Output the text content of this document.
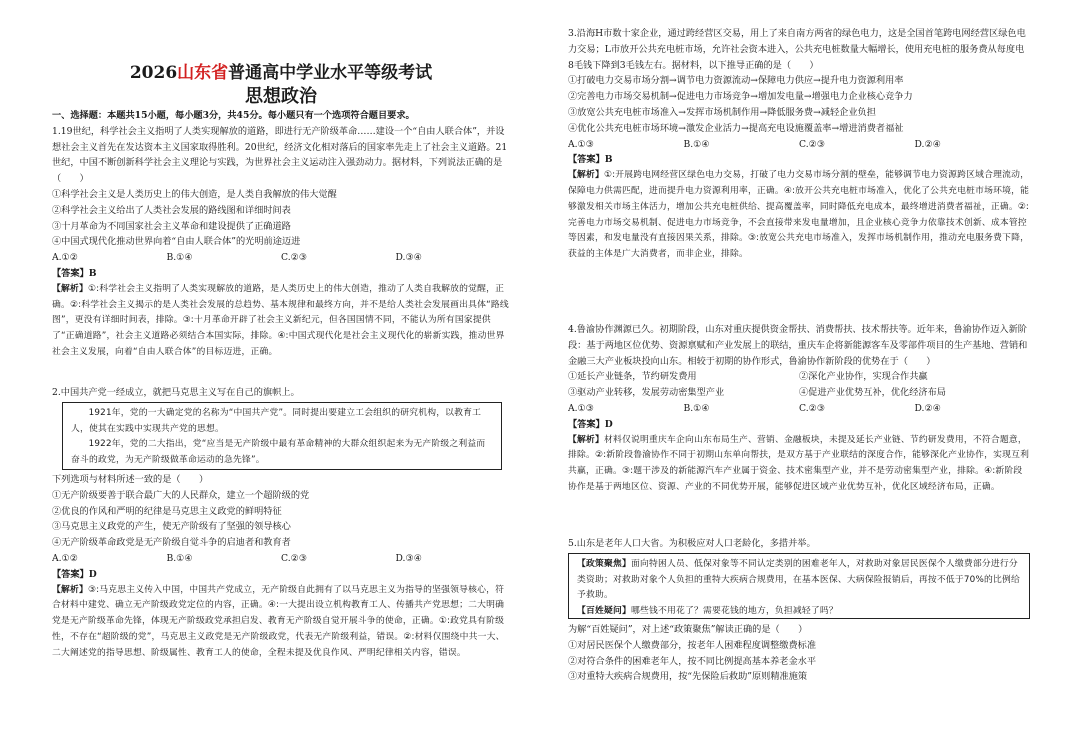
2026山东省普通高中学业水平等级考试
思想政治

一、选择题：本题共15小题，每小题3分，共45分。每小题只有一个选项符合题目要求。

1.19世纪，科学社会主义指明了人类实现解放的道路，即进行无产阶级革命……建设一个“自由人联合体”，并设想社会主义首先在发达资本主义国家取得胜利。20世纪，经济文化相对落后的国家率先走上了社会主义道路。21世纪，中国不断创新科学社会主义理论与实践，为世界社会主义运动注入强劲动力。据材料，下列说法正确的是（　　）

①科学社会主义是人类历史上的伟大创造，是人类自我解放的伟大觉醒

②科学社会主义给出了人类社会发展的路线图和详细时间表

③十月革命为不同国家社会主义革命和建设提供了正确道路

④中国式现代化推动世界向着“自由人联合体”的光明前途迈进

A.①②	B.①④	C.②③	D.③④

【答案】B

【解析】①:科学社会主义指明了人类实现解放的道路，是人类历史上的伟大创造，推动了人类自我解放的觉醒，正确。②:科学社会主义揭示的是人类社会发展的总趋势、基本规律和最终方向，并不是给人类社会发展画出具体“路线图”，更没有详细时间表，排除。③:十月革命开辟了社会主义新纪元，但各国国情不同，不能认为所有国家提供了“正确道路”，社会主义道路必须结合本国实际，排除。④:中国式现代化是社会主义现代化的崭新实践，推动世界社会主义发展，向着“自由人联合体”的目标迈进，正确。

2.中国共产党一经成立，就把马克思主义写在自己的旗帜上。

1921年，党的一大确定党的名称为“中国共产党”。同时提出要建立工会组织的研究机构，以教育工人，使其在实践中实现共产党的思想。

1922年，党的二大指出，党“应当是无产阶级中最有革命精神的大群众组织起来为无产阶级之利益而奋斗的政党，为无产阶级做革命运动的急先锋”。

下列选项与材料所述一致的是（　　）

①无产阶级要善于联合最广大的人民群众，建立一个超阶级的党

②优良的作风和严明的纪律是马克思主义政党的鲜明特征

③马克思主义政党的产生，使无产阶级有了坚强的领导核心

④无产阶级革命政党是无产阶级自觉斗争的启迪者和教育者

A.①②	B.①④	C.②③	D.③④

【答案】D

【解析】③:马克思主义传入中国，中国共产党成立，无产阶级自此拥有了以马克思主义为指导的坚强领导核心，符合材料中建党、确立无产阶级政党定位的内容，正确。④:一大提出设立机构教育工人、传播共产党思想；二大明确党是无产阶级革命先锋，体现无产阶级政党承担启发、教育无产阶级自觉开展斗争的使命，正确。①:政党具有阶级性，不存在“超阶级的党”，马克思主义政党是无产阶级政党，代表无产阶级利益，错误。②:材料仅围绕中共一大、二大阐述党的指导思想、阶级属性、教育工人的使命，全程未提及优良作风、严明纪律相关内容，错误。

3.沿海H市数十家企业，通过跨经营区交易，用上了来自南方两省的绿色电力，这是全国首笔跨电网经营区绿色电力交易；L市放开公共充电桩市场，允许社会资本进入，公共充电桩数量大幅增长，使用充电桩的服务费从每度电8毛钱下降到3毛钱左右。据材料，以下推导正确的是（　　）

①打破电力交易市场分割→调节电力资源流动→保障电力供应→提升电力资源利用率

②完善电力市场交易机制→促进电力市场竞争→增加发电量→增强电力企业核心竞争力

③放宽公共充电桩市场准入→发挥市场机制作用→降低服务费→减轻企业负担

④优化公共充电桩市场环境→激发企业活力→提高充电设施覆盖率→增进消费者福祉

A.①③	B.①④	C.②③	D.②④

【答案】B

【解析】①:开展跨电网经营区绿色电力交易，打破了电力交易市场分割的壁垒，能够调节电力资源跨区域合理流动，保障电力供需匹配，进而提升电力资源利用率，正确。④:放开公共充电桩市场准入，优化了公共充电桩市场环境，能够激发相关市场主体活力，增加公共充电桩供给、提高覆盖率，同时降低充电成本，最终增进消费者福祉，正确。②:完善电力市场交易机制、促进电力市场竞争，不会直接带来发电量增加，且企业核心竞争力依靠技术创新、成本管控等因素，和发电量没有直接因果关系，排除。③:放宽公共充电市场准入，发挥市场机制作用，推动充电服务费下降，获益的主体是广大消费者，而非企业，排除。

4.鲁渝协作渊源已久。初期阶段，山东对重庆提供资金帮扶、消费帮扶、技术帮扶等。近年来，鲁渝协作迈入新阶段：基于两地区位优势、资源禀赋和产业发展上的联结，重庆车企将新能源客车及零部件项目的生产基地、营销和金融三大产业板块投向山东。相较于初期的协作形式，鲁渝协作新阶段的优势在于（　　）

①延长产业链条，节约研发费用	②深化产业协作，实现合作共赢
③驱动产业转移，发展劳动密集型产业	④促进产业优势互补，优化经济布局
A.①③	B.①④	C.②③	D.②④

【答案】D

【解析】材料仅说明重庆车企向山东布局生产、营销、金融板块，未提及延长产业链、节约研发费用，不符合题意，排除。②:新阶段鲁渝协作不同于初期山东单向帮扶，是双方基于产业联结的深度合作，能够深化产业协作，实现互利共赢，正确。③:题干涉及的新能源汽车产业属于资金、技术密集型产业，并不是劳动密集型产业，排除。④:新阶段协作是基于两地区位、资源、产业的不同优势开展，能够促进区域产业优势互补，优化区域经济布局，正确。

5.山东是老年人口大省。为积极应对人口老龄化，多措并举。

【政策聚焦】面向特困人员、低保对象等不同认定类别的困难老年人，对救助对象居民医保个人缴费部分进行分类资助；对救助对象个人负担的重特大疾病合规费用，在基本医保、大病保险报销后，再按不低于70%的比例给予救助。

【百姓疑问】哪些钱不用花了？需要花钱的地方，负担减轻了吗？

为解“百姓疑问”，对上述“政策聚焦”解读正确的是（　　）

①对居民医保个人缴费部分，按老年人困难程度调整缴费标准

②对符合条件的困难老年人，按不同比例提高基本养老金水平

③对重特大疾病合规费用，按“先保险后救助”原则精准施策
